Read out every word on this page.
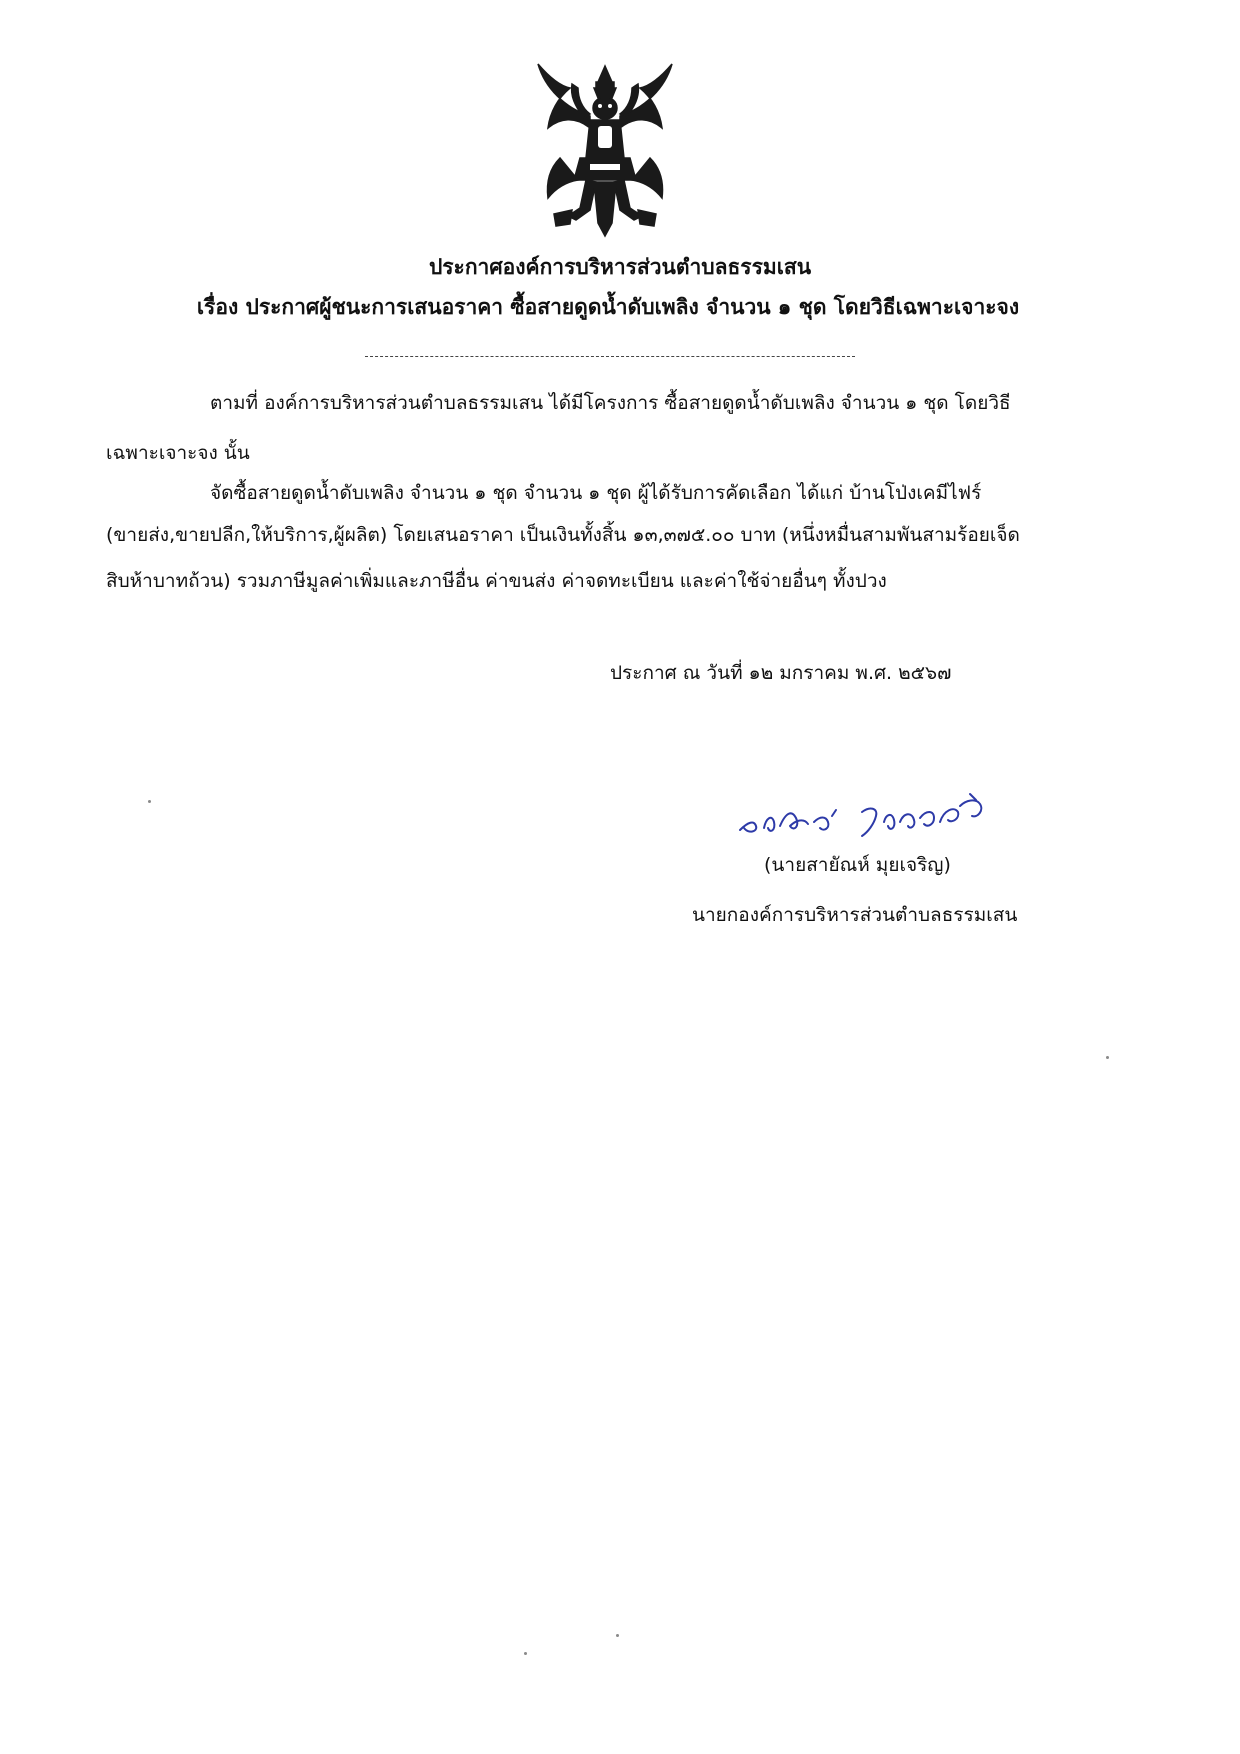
ประกาศองค์การบริหารส่วนตำบลธรรมเสน
เรื่อง ประกาศผู้ชนะการเสนอราคา ซื้อสายดูดน้ำดับเพลิง จำนวน ๑ ชุด โดยวิธีเฉพาะเจาะจง
ตามที่ องค์การบริหารส่วนตำบลธรรมเสน ได้มีโครงการ ซื้อสายดูดน้ำดับเพลิง จำนวน ๑ ชุด โดยวิธี
เฉพาะเจาะจง นั้น
จัดซื้อสายดูดน้ำดับเพลิง จำนวน ๑ ชุด จำนวน ๑ ชุด ผู้ได้รับการคัดเลือก ได้แก่ บ้านโป่งเคมีไฟร์
(ขายส่ง,ขายปลีก,ให้บริการ,ผู้ผลิต) โดยเสนอราคา เป็นเงินทั้งสิ้น ๑๓,๓๗๕.๐๐ บาท (หนึ่งหมื่นสามพันสามร้อยเจ็ด
สิบห้าบาทถ้วน) รวมภาษีมูลค่าเพิ่มและภาษีอื่น ค่าขนส่ง ค่าจดทะเบียน และค่าใช้จ่ายอื่นๆ ทั้งปวง
ประกาศ ณ วันที่ ๑๒ มกราคม พ.ศ. ๒๕๖๗
(นายสายัณห์ มุยเจริญ)
นายกองค์การบริหารส่วนตำบลธรรมเสน
